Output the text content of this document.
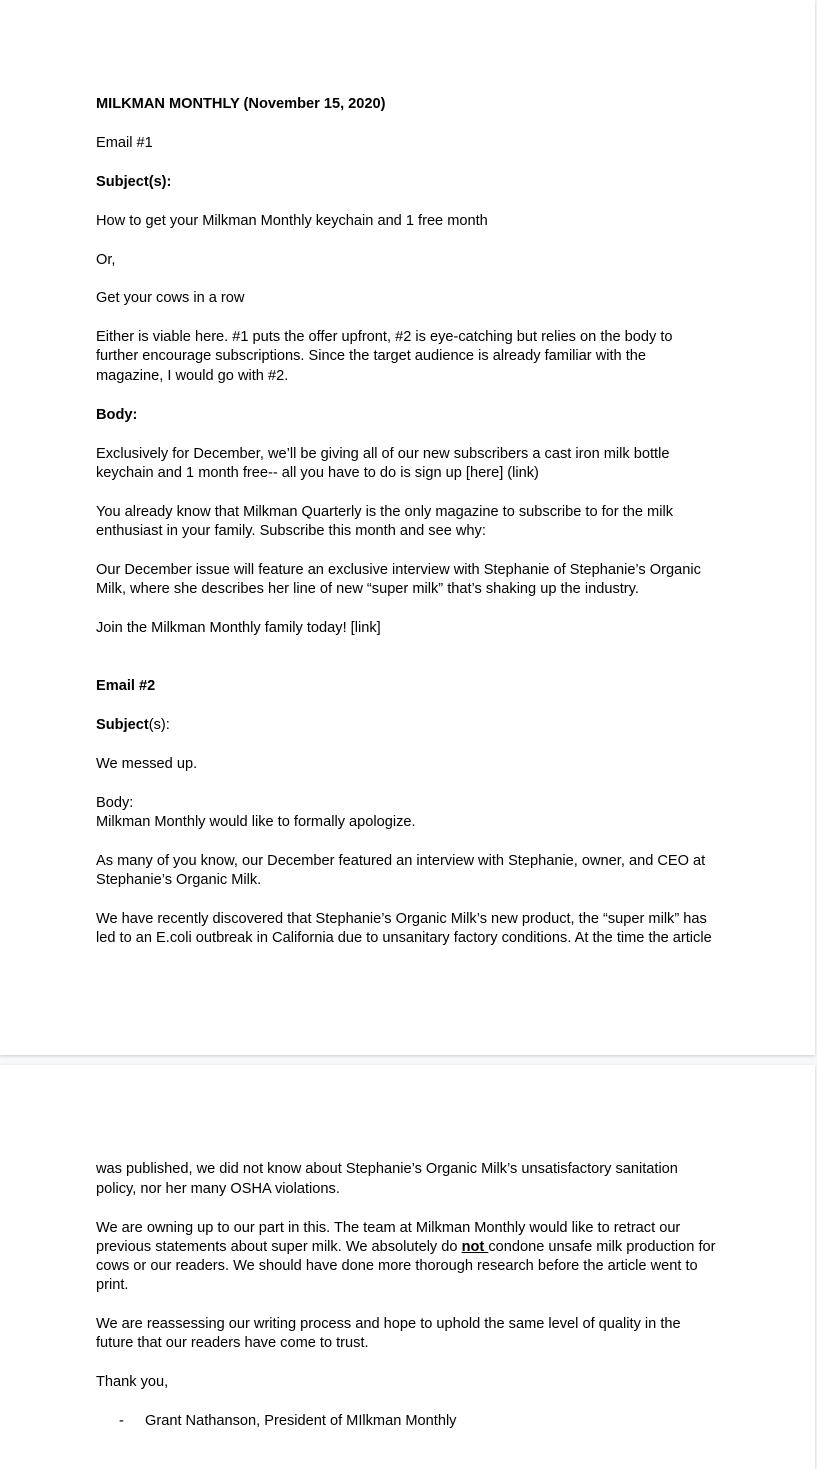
MILKMAN MONTHLY (November 15, 2020)

Email #1

Subject(s):

How to get your Milkman Monthly keychain and 1 free month

Or,

Get your cows in a row

Either is viable here. #1 puts the offer upfront, #2 is eye-catching but relies on the body to

further encourage subscriptions. Since the target audience is already familiar with the

magazine, I would go with #2.

Body:

Exclusively for December, we’ll be giving all of our new subscribers a cast iron milk bottle

keychain and 1 month free-- all you have to do is sign up [here] (link)

You already know that Milkman Quarterly is the only magazine to subscribe to for the milk

enthusiast in your family. Subscribe this month and see why:

Our December issue will feature an exclusive interview with Stephanie of Stephanie’s Organic

Milk, where she describes her line of new “super milk” that’s shaking up the industry.

Join the Milkman Monthly family today! [link]

Email #2

Subject(s):

We messed up.

Body:

Milkman Monthly would like to formally apologize.

As many of you know, our December featured an interview with Stephanie, owner, and CEO at

Stephanie’s Organic Milk.

We have recently discovered that Stephanie’s Organic Milk’s new product, the “super milk” has

led to an E.coli outbreak in California due to unsanitary factory conditions. At the time the article

was published, we did not know about Stephanie’s Organic Milk’s unsatisfactory sanitation

policy, nor her many OSHA violations.

We are owning up to our part in this. The team at Milkman Monthly would like to retract our

previous statements about super milk. We absolutely do not condone unsafe milk production for

cows or our readers. We should have done more thorough research before the article went to

print.

We are reassessing our writing process and hope to uphold the same level of quality in the

future that our readers have come to trust.

Thank you,

- Grant Nathanson, President of MIlkman Monthly
